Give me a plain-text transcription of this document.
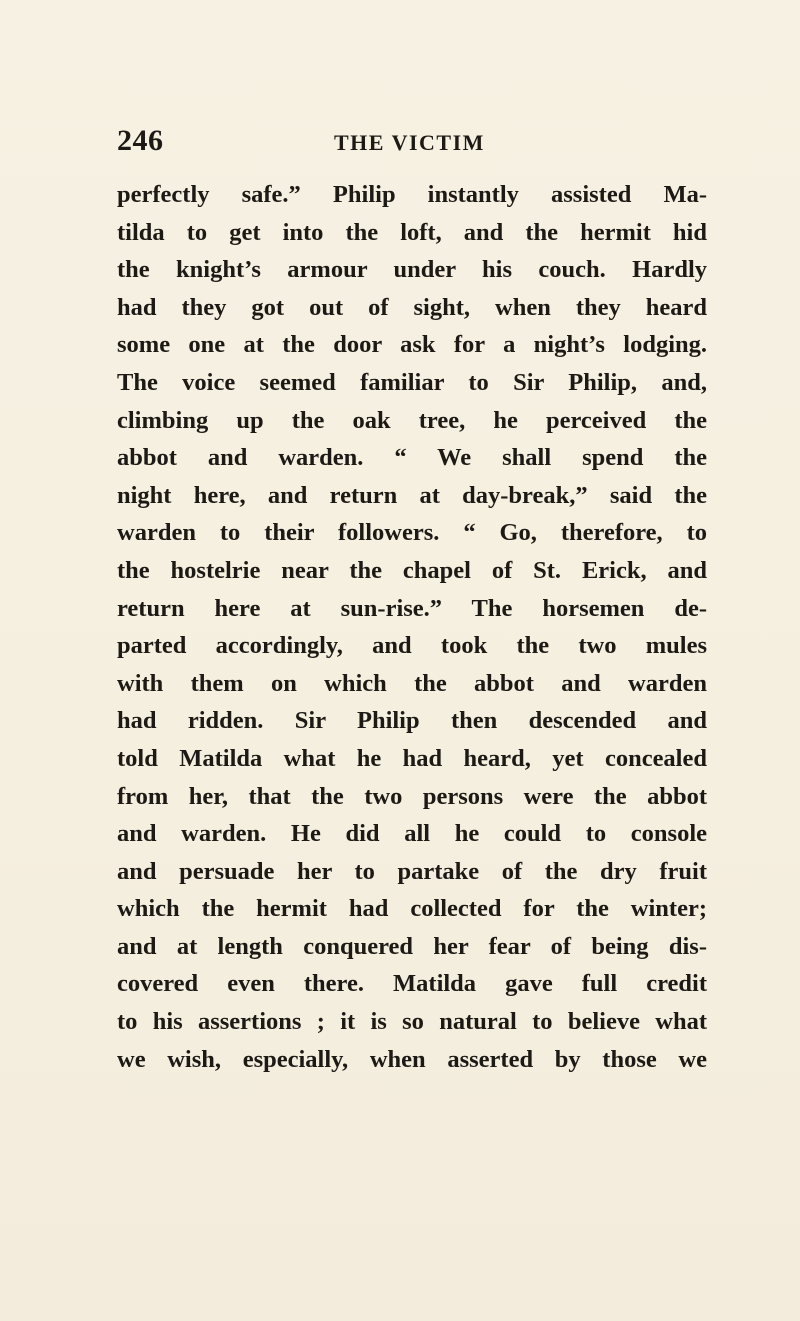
246	THE VICTIM
perfectly safe.” Philip instantly assisted Ma-
tilda to get into the loft, and the hermit hid
the knight’s armour under his couch. Hardly
had they got out of sight, when they heard
some one at the door ask for a night’s lodging.
The voice seemed familiar to Sir Philip, and,
climbing up the oak tree, he perceived the
abbot and warden. “ We shall spend the
night here, and return at day-break,” said the
warden to their followers. “ Go, therefore, to
the hostelrie near the chapel of St. Erick, and
return here at sun-rise.” The horsemen de-
parted accordingly, and took the two mules
with them on which the abbot and warden
had ridden. Sir Philip then descended and
told Matilda what he had heard, yet concealed
from her, that the two persons were the abbot
and warden. He did all he could to console
and persuade her to partake of the dry fruit
which the hermit had collected for the winter;
and at length conquered her fear of being dis-
covered even there. Matilda gave full credit
to his assertions ; it is so natural to believe what
we wish, especially, when asserted by those we
